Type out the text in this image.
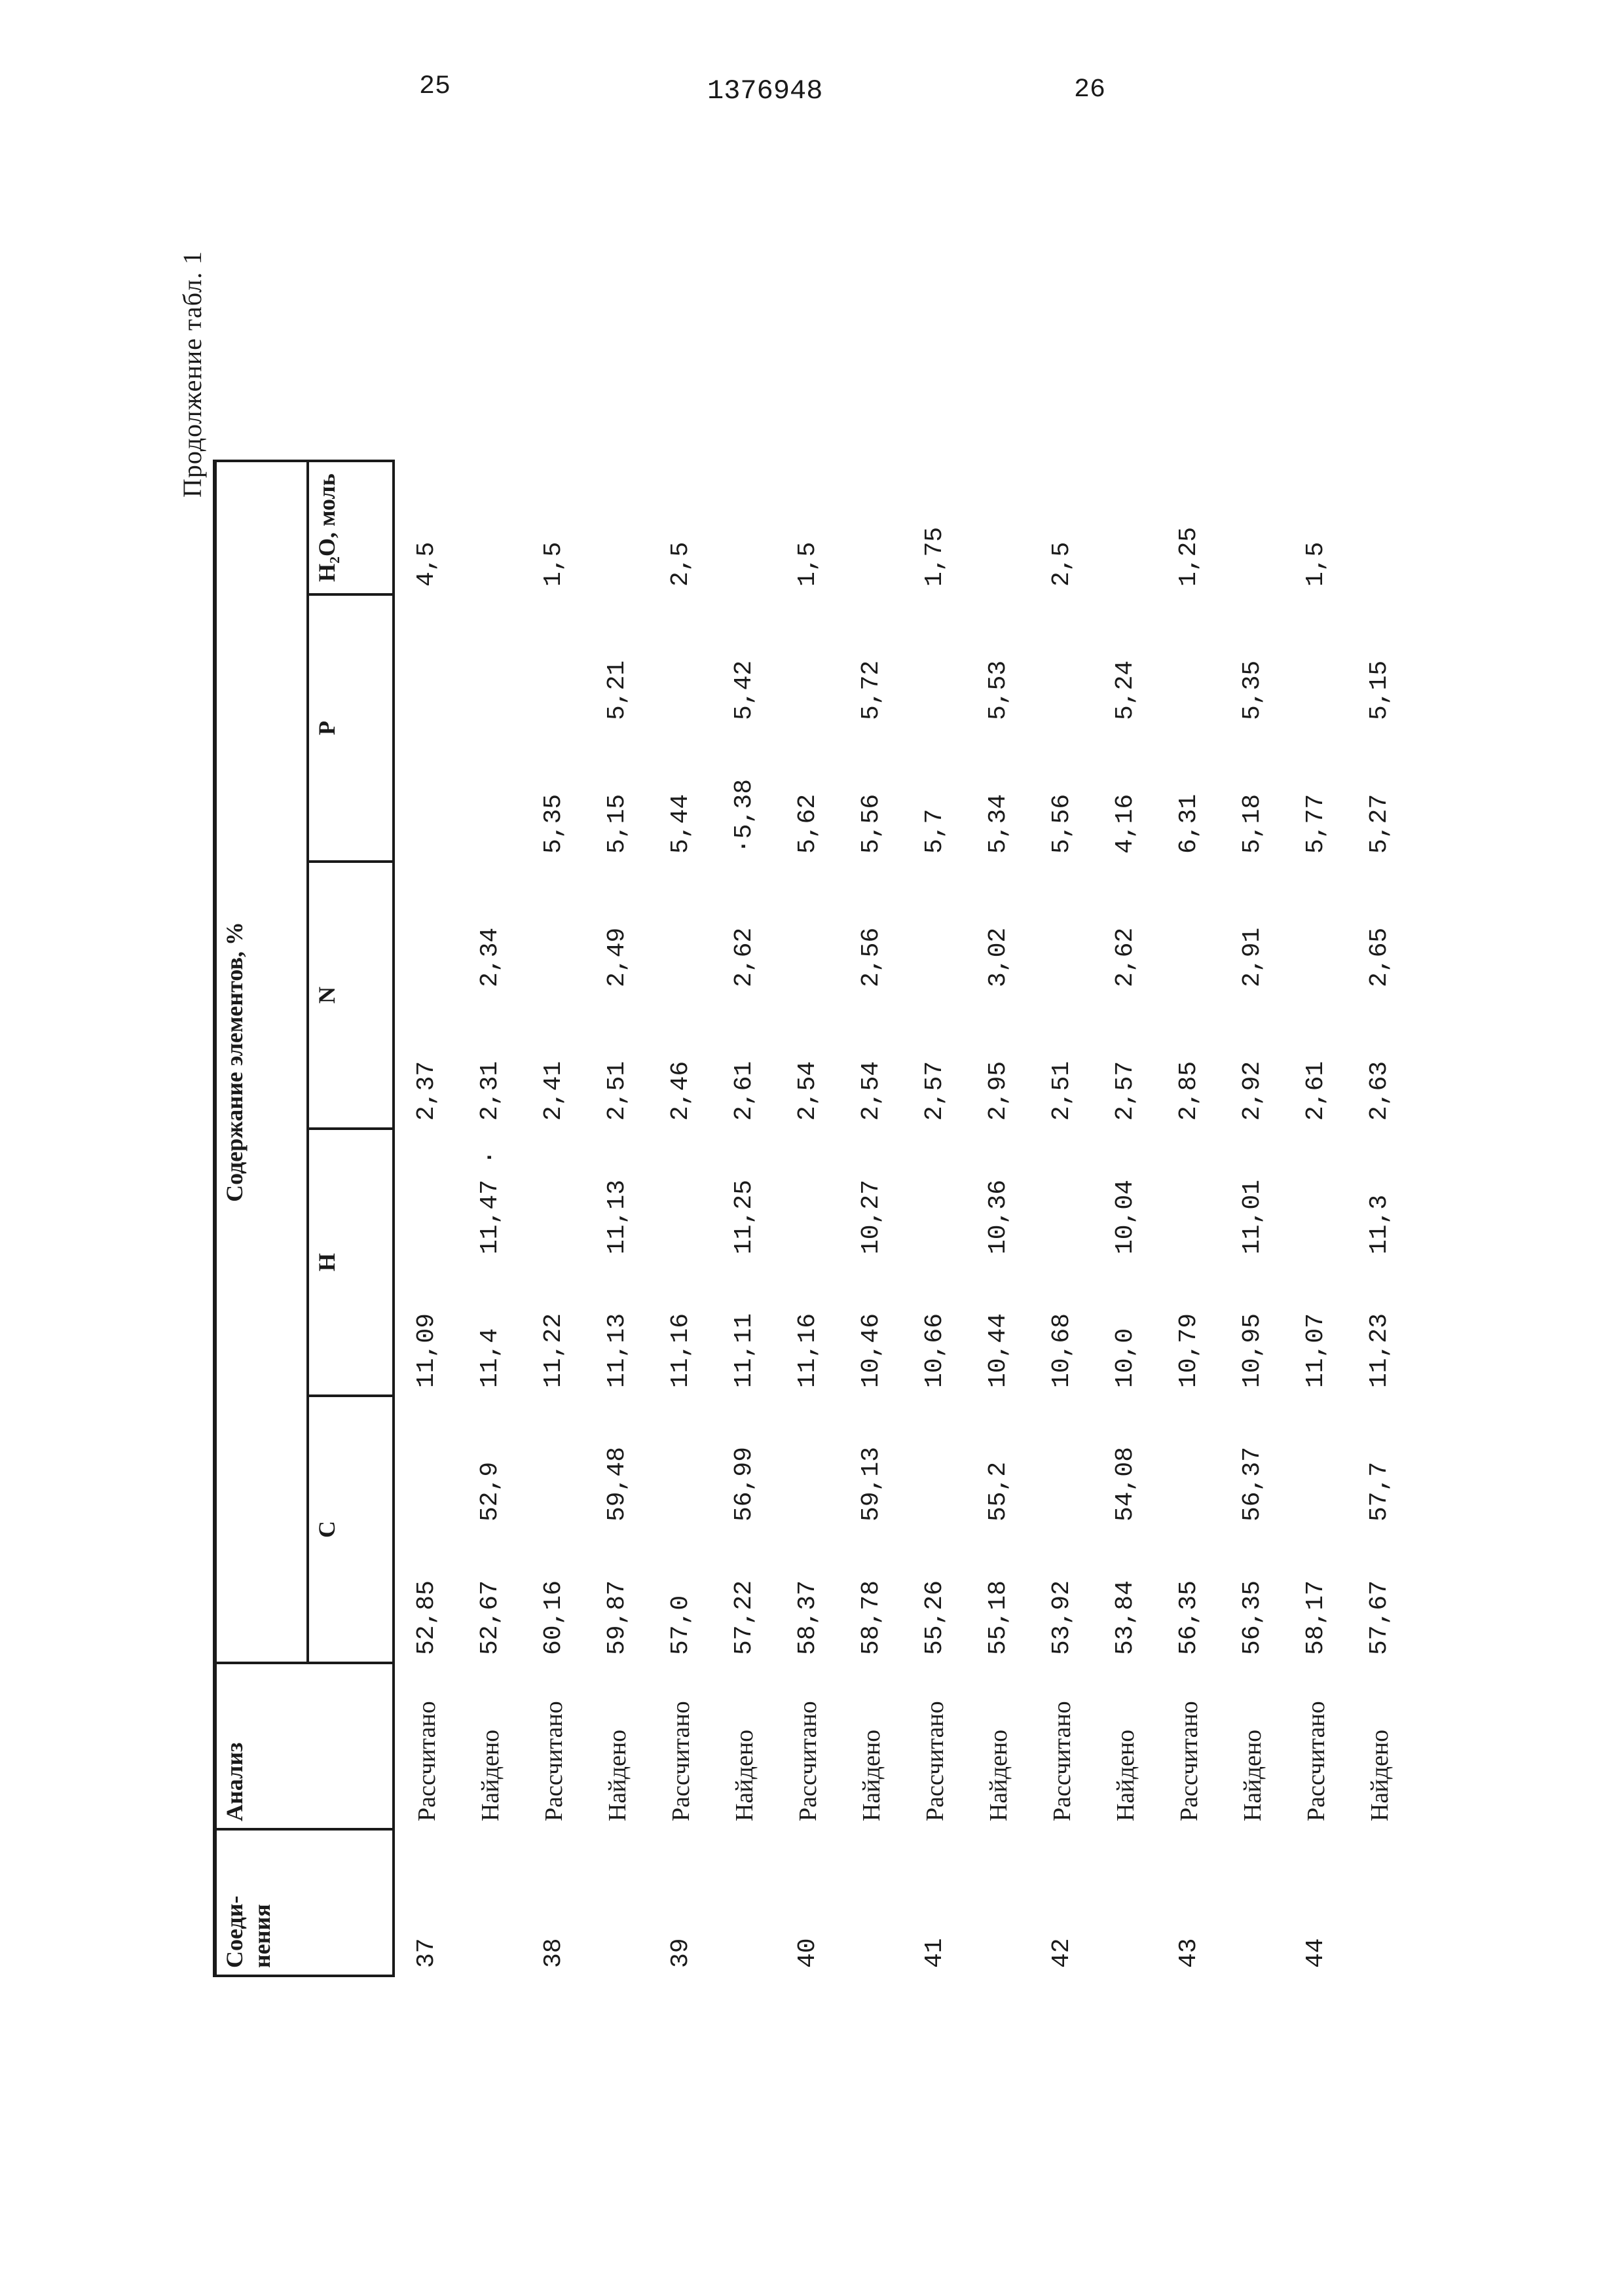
25	1376948	26
Продолжение табл. 1
Соеди-
нения	Анализ	Содержание элементов, %								
		C		H		N		P		H₂O, моль
37	Рассчитано	52,85		11,09		2,37				4,5
	Найдено	52,67	52,9	11,4	11,47 ·	2,31	2,34			
38	Рассчитано	60,16		11,22		2,41		5,35		1,5
	Найдено	59,87	59,48	11,13	11,13	2,51	2,49	5,15	5,21	
39	Рассчитано	57,0		11,16		2,46		5,44		2,5
	Найдено	57,22	56,99	11,11	11,25	2,61	2,62	·5,38	5,42	
40	Рассчитано	58,37		11,16		2,54		5,62		1,5
	Найдено	58,78	59,13	10,46	10,27	2,54	2,56	5,56	5,72	
41	Рассчитано	55,26		10,66		2,57		5,7		1,75
	Найдено	55,18	55,2	10,44	10,36	2,95	3,02	5,34	5,53	
42	Рассчитано	53,92		10,68		2,51		5,56		2,5
	Найдено	53,84	54,08	10,0	10,04	2,57	2,62	4,16	5,24	
43	Рассчитано	56,35		10,79		2,85		6,31		1,25
	Найдено	56,35	56,37	10,95	11,01	2,92	2,91	5,18	5,35	
44	Рассчитано	58,17		11,07		2,61		5,77		1,5
	Найдено	57,67	57,7	11,23	11,3	2,63	2,65	5,27	5,15	
